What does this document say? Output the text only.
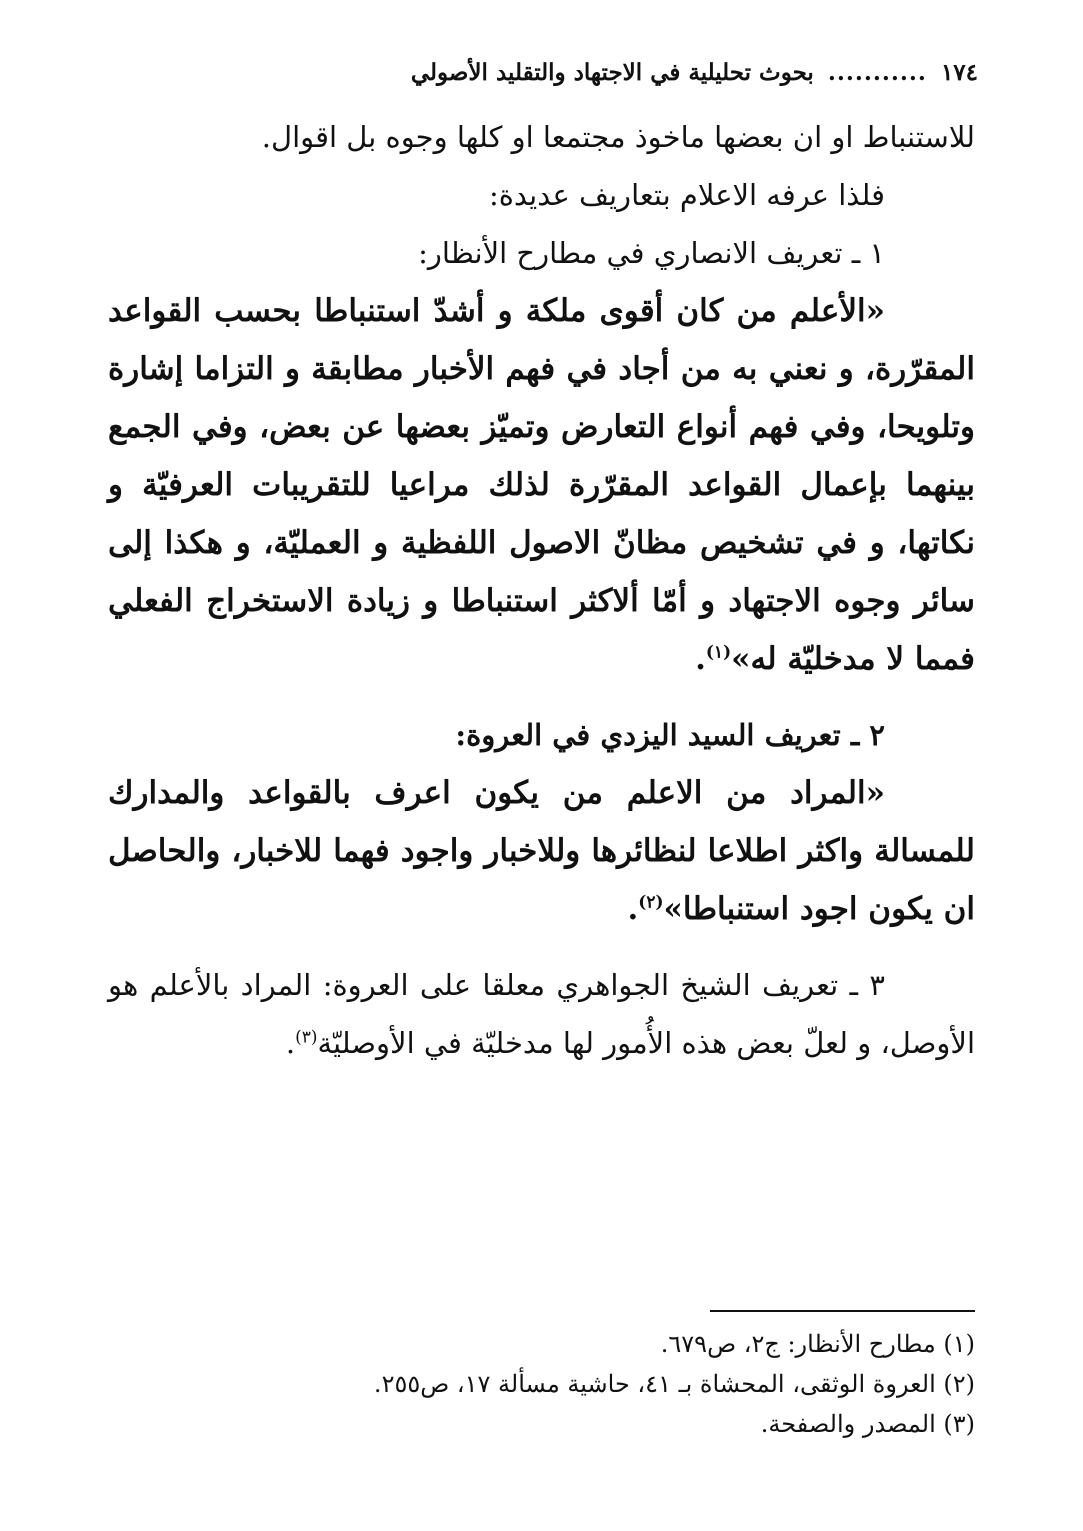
١٧٤
...........
بحوث تحليلية في الاجتهاد والتقليد الأصولي

للاستنباط او ان بعضها ماخوذ مجتمعا او كلها وجوه بل اقوال.

فلذا عرفه الاعلام بتعاريف عديدة:

١ ـ تعريف الانصاري في مطارح الأنظار:

«الأعلم من كان أقوى ملكة و أشدّ استنباطا بحسب القواعد المقرّرة، و نعني به من أجاد في فهم الأخبار مطابقة و التزاما إشارة وتلويحا، وفي فهم أنواع التعارض وتميّز بعضها عن بعض، وفي الجمع بينهما بإعمال القواعد المقرّرة لذلك مراعيا للتقريبات العرفيّة و نكاتها، و في تشخيص مظانّ الاصول اللفظية و العمليّة، و هكذا إلى سائر وجوه الاجتهاد و أمّا ألاكثر استنباطا و زيادة الاستخراج الفعلي فمما لا مدخليّة له»$^{(١)}$.

٢ ـ تعريف السيد اليزدي في العروة:

«المراد من الاعلم من يكون اعرف بالقواعد والمدارك للمسالة واكثر اطلاعا لنظائرها وللاخبار واجود فهما للاخبار، والحاصل ان يكون اجود استنباطا»$^{(٢)}$.

٣ ـ تعريف الشيخ الجواهري معلقا على العروة: المراد بالأعلم هو الأوصل، و لعلّ بعض هذه الأُمور لها مدخليّة في الأوصليّة$^{(٣)}$.

(١) مطارح الأنظار: ج٢، ص٦٧٩.

(٢) العروة الوثقى، المحشاة بـ ٤١، حاشية مسألة ١٧، ص٢٥٥.

(٣) المصدر والصفحة.
